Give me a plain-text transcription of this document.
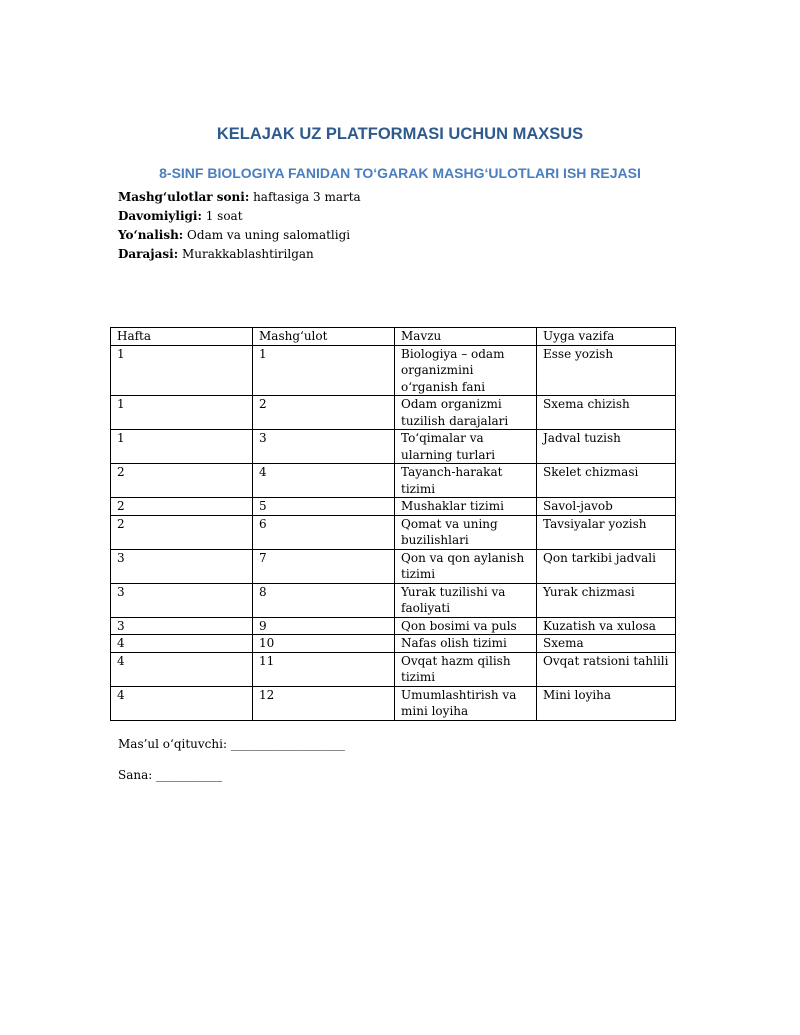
KELAJAK UZ PLATFORMASI UCHUN MAXSUS
8-SINF BIOLOGIYA FANIDAN TO‘GARAK MASHG‘ULOTLARI ISH REJASI
Mashg‘ulotlar soni: haftasiga 3 marta
Davomiyligi: 1 soat
Yo‘nalish: Odam va uning salomatligi
Darajasi: Murakkablashtirilgan
Hafta	Mashg‘ulot	Mavzu	Uyga vazifa
1	1	Biologiya – odam organizmini o‘rganish fani	Esse yozish
1	2	Odam organizmi tuzilish darajalari	Sxema chizish
1	3	To‘qimalar va ularning turlari	Jadval tuzish
2	4	Tayanch-harakat tizimi	Skelet chizmasi
2	5	Mushaklar tizimi	Savol-javob
2	6	Qomat va uning buzilishlari	Tavsiyalar yozish
3	7	Qon va qon aylanish tizimi	Qon tarkibi jadvali
3	8	Yurak tuzilishi va faoliyati	Yurak chizmasi
3	9	Qon bosimi va puls	Kuzatish va xulosa
4	10	Nafas olish tizimi	Sxema
4	11	Ovqat hazm qilish tizimi	Ovqat ratsioni tahlili
4	12	Umumlashtirish va mini loyiha	Mini loyiha
Mas’ul o‘qituvchi: ___________________
Sana: ___________
